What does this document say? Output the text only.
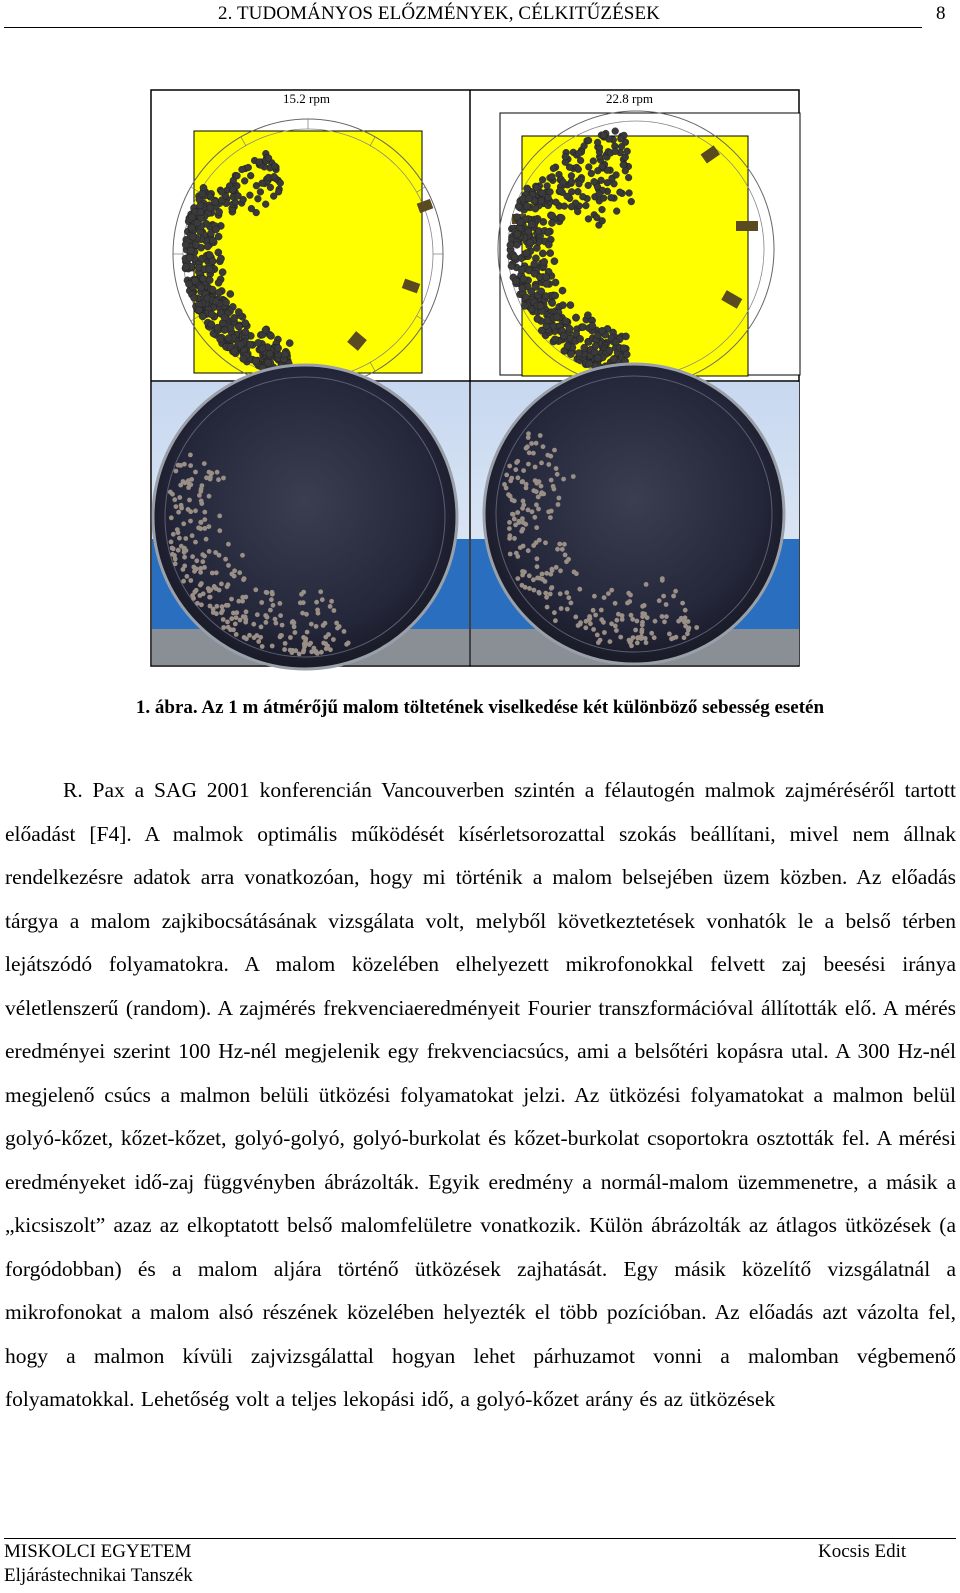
2. TUDOMÁNYOS ELŐZMÉNYEK, CÉLKITŰZÉSEK	8
15.2 rpm	22.8 rpm
1. ábra. Az 1 m átmérőjű malom töltetének viselkedése két különböző sebesség esetén

R. Pax a SAG 2001 konferencián Vancouverben szintén a félautogén malmok zajméréséről tartott előadást [F4]. A malmok optimális működését kísérletsorozattal szokás beállítani, mivel nem állnak rendelkezésre adatok arra vonatkozóan, hogy mi történik a malom belsejében üzem közben. Az előadás tárgya a malom zajkibocsátásának vizsgálata volt, melyből következtetések vonhatók le a belső térben lejátszódó folyamatokra. A malom közelében elhelyezett mikrofonokkal felvett zaj beesési iránya véletlenszerű (random). A zajmérés frekvenciaeredményeit Fourier transzformációval állították elő. A mérés eredményei szerint 100 Hz-nél megjelenik egy frekvenciacsúcs, ami a belsőtéri kopásra utal. A 300 Hz-nél megjelenő csúcs a malmon belüli ütközési folyamatokat jelzi. Az ütközési folyamatokat a malmon belül golyó-kőzet, kőzet-kőzet, golyó-golyó, golyó-burkolat és kőzet-burkolat csoportokra osztották fel. A mérési eredményeket idő-zaj függvényben ábrázolták. Egyik eredmény a normál-malom üzemmenetre, a másik a „kicsiszolt” azaz az elkoptatott belső malomfelületre vonatkozik. Külön ábrázolták az átlagos ütközések (a forgódobban) és a malom aljára történő ütközések zajhatását. Egy másik közelítő vizsgálatnál a mikrofonokat a malom alsó részének közelében helyezték el több pozícióban. Az előadás azt vázolta fel, hogy a malmon kívüli zajvizsgálattal hogyan lehet párhuzamot vonni a malomban végbemenő folyamatokkal. Lehetőség volt a teljes lekopási idő, a golyó-kőzet arány és az ütközések

MISKOLCI EGYETEM
Eljárástechnikai Tanszék
Kocsis Edit
